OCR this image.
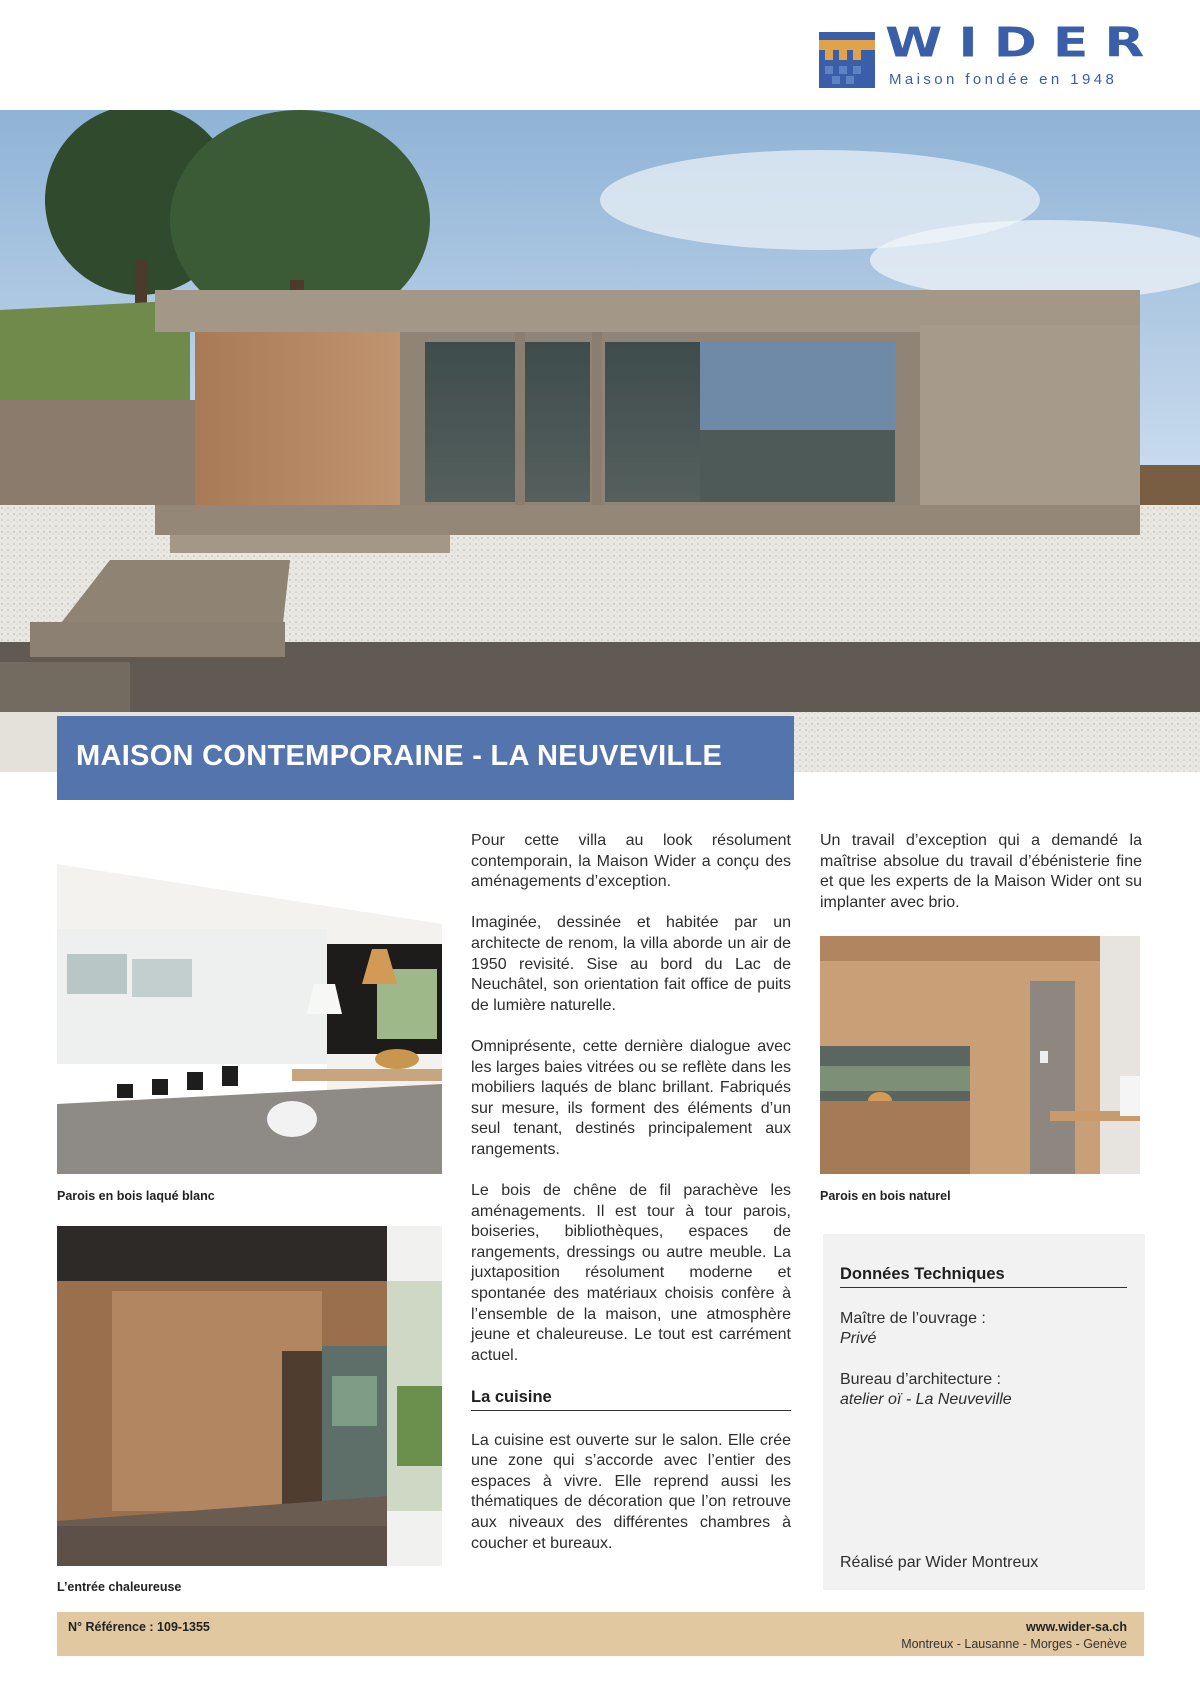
WIDER
Maison fondée en 1948
MAISON CONTEMPORAINE - LA NEUVEVILLE
Parois en bois laqué blanc
L’entrée chaleureuse

Pour cette villa au look résolument contemporain, la Maison Wider a conçu des aménagements d’exception.

Imaginée, dessinée et habitée par un architecte de renom, la villa aborde un air de 1950 revisité. Sise au bord du Lac de Neuchâtel, son orientation fait office de puits de lumière naturelle.

Omniprésente, cette dernière dialogue avec les larges baies vitrées ou se reflète dans les mobiliers laqués de blanc brillant. Fabriqués sur mesure, ils forment des éléments d’un seul tenant, destinés principalement aux rangements.

Le bois de chêne de fil parachève les aménagements. Il est tour à tour parois, boiseries, bibliothèques, espaces de rangements, dressings ou autre meuble. La juxtaposition résolument moderne et spontanée des matériaux choisis confère à l’ensemble de la maison, une atmosphère jeune et chaleureuse. Le tout est carrément actuel.

La cuisine

La cuisine est ouverte sur le salon. Elle crée une zone qui s’accorde avec l’entier des espaces à vivre. Elle reprend aussi les thématiques de décoration que l’on retrouve aux niveaux des différentes chambres à coucher et bureaux.

Un travail d’exception qui a demandé la maîtrise absolue du travail d’ébénisterie fine et que les experts de la Maison Wider ont su implanter avec brio.

Parois en bois naturel
Données Techniques
Maître de l’ouvrage :
Privé
Bureau d’architecture :
atelier oï - La Neuveville
Réalisé par Wider Montreux
N° Référence : 109-1355	www.wider-sa.ch
Montreux - Lausanne - Morges - Genève
